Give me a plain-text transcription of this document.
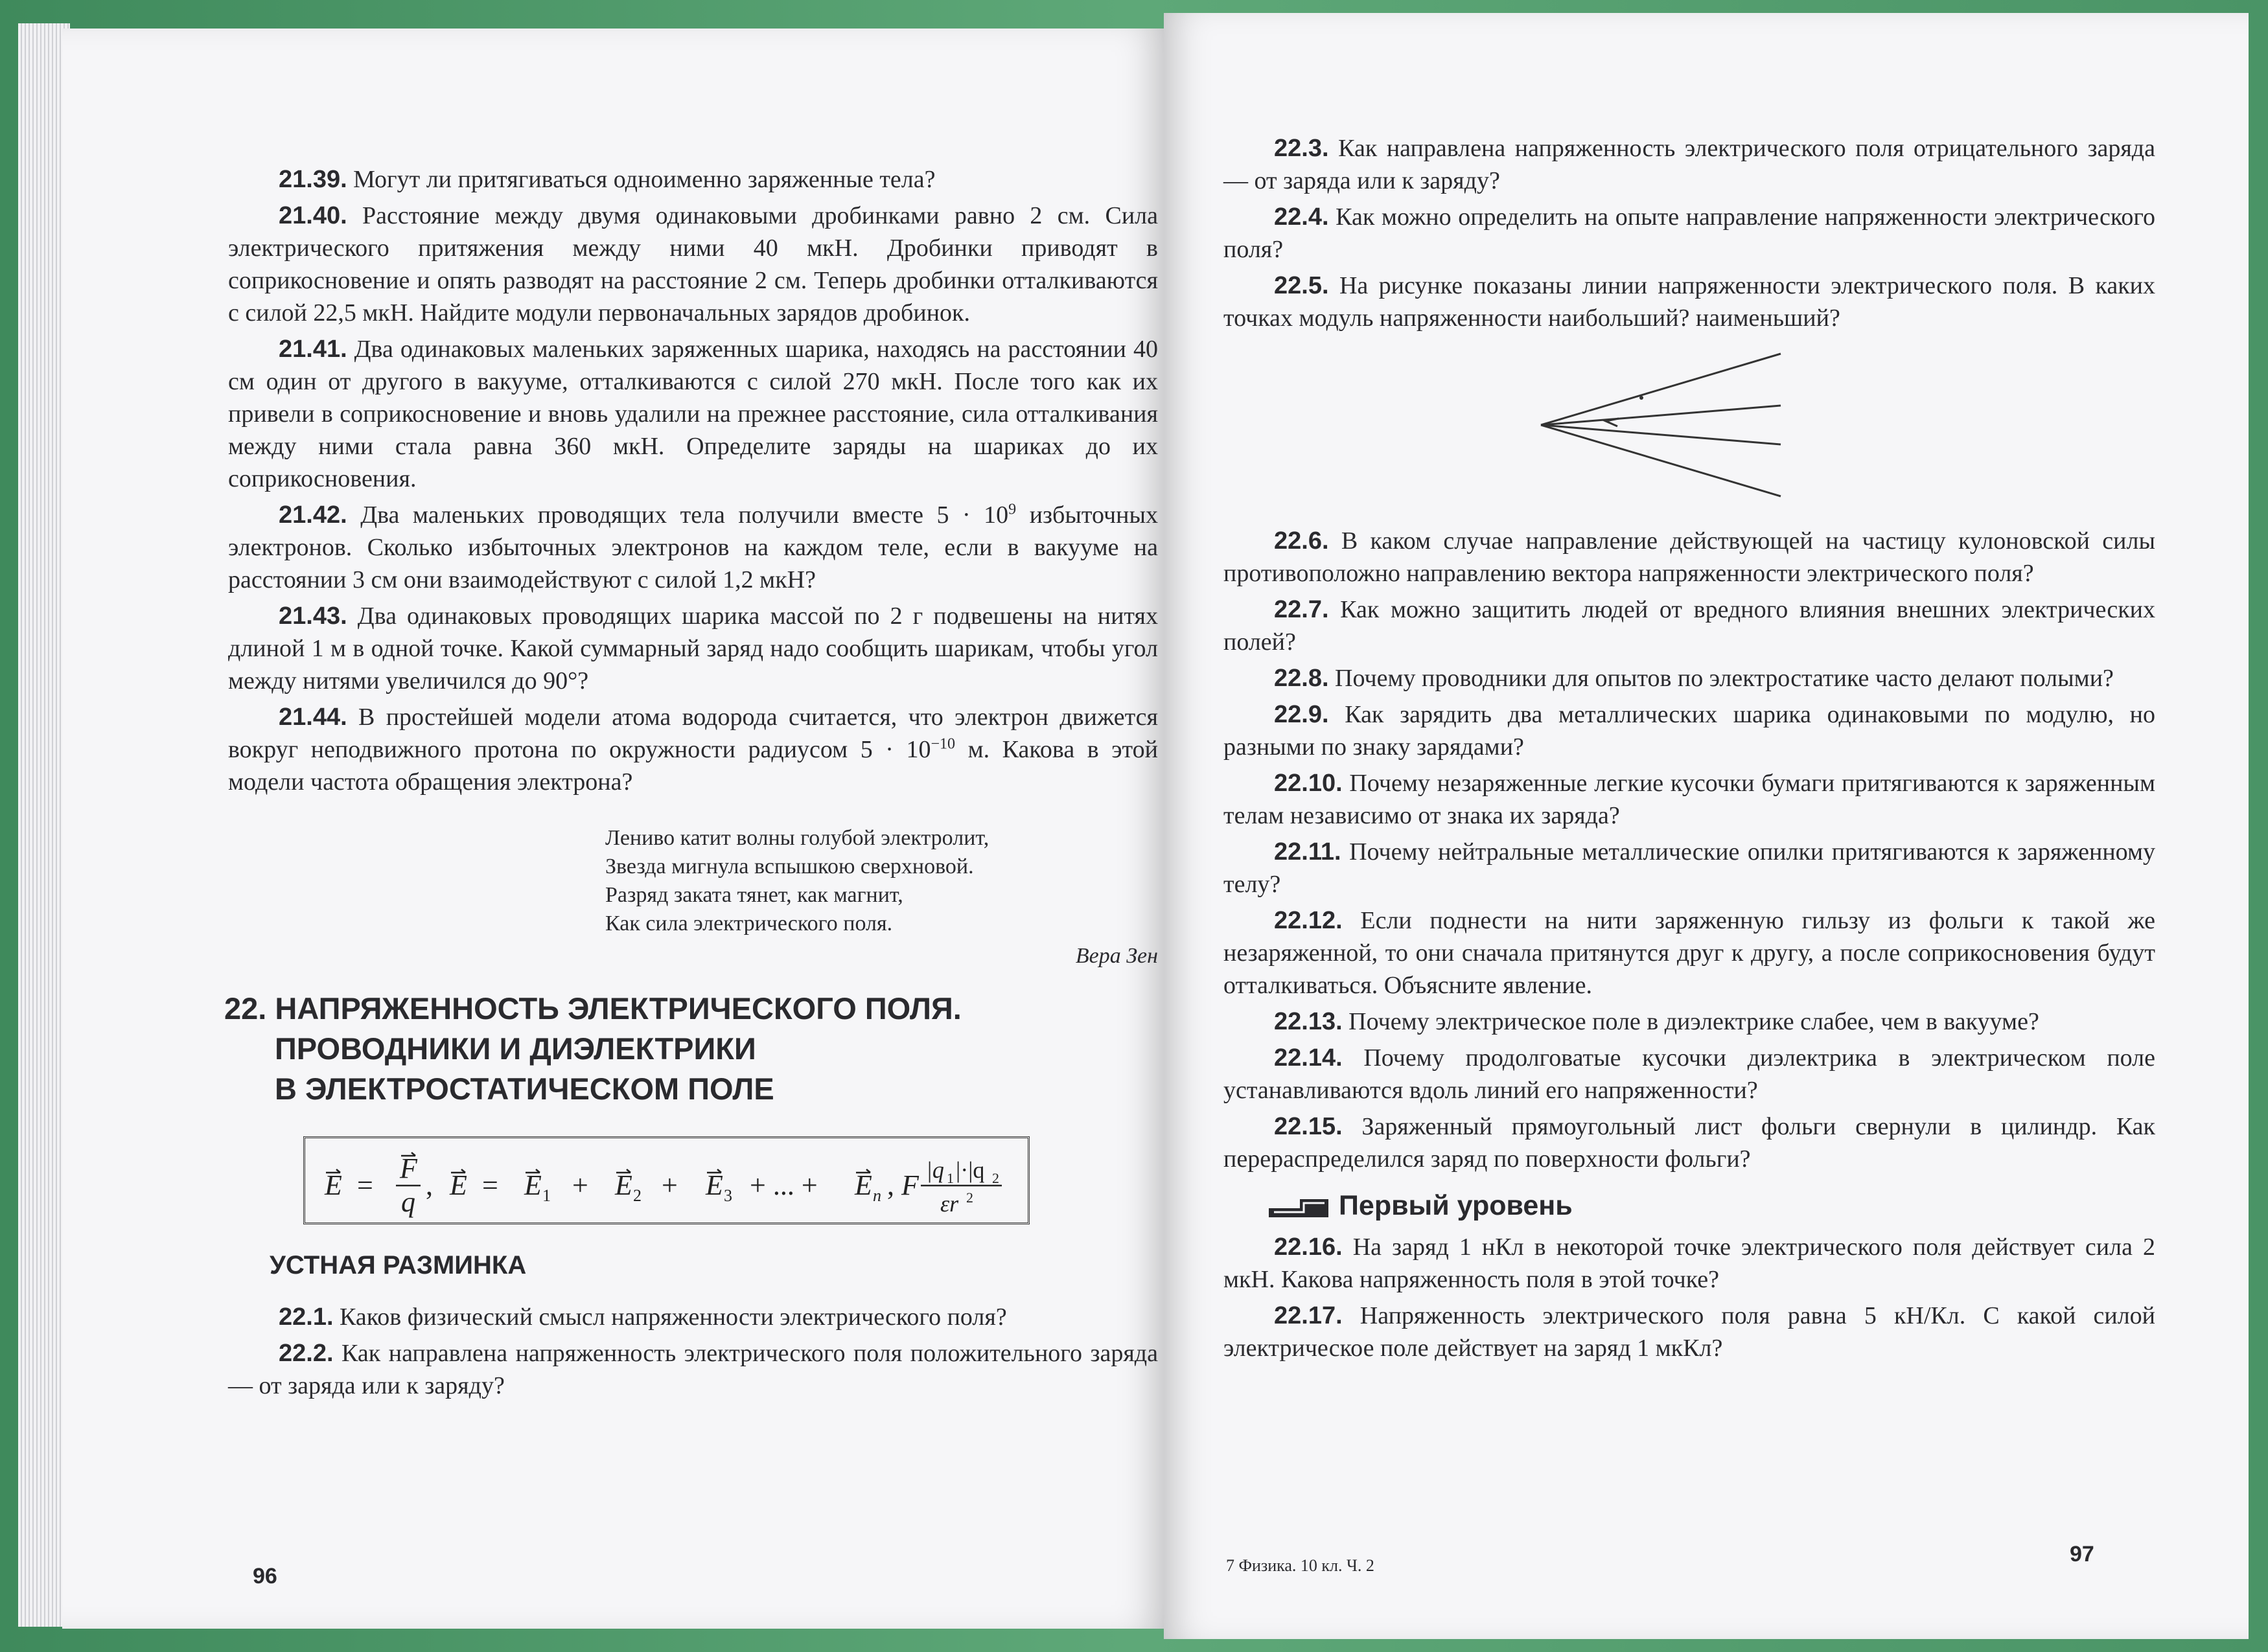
21.39. Могут ли притягиваться одноименно заряженные тела?

21.40. Расстояние между двумя одинаковыми дробинками равно 2 см. Сила электрического притяжения между ними 40 мкН. Дробинки приводят в соприкосновение и опять разводят на расстояние 2 см. Теперь дробинки отталкиваются с силой 22,5 мкН. Найдите модули первоначальных зарядов дробинок.

21.41. Два одинаковых маленьких заряженных шарика, находясь на расстоянии 40 см один от другого в вакууме, отталкиваются с силой 270 мкН. После того как их привели в соприкосновение и вновь удалили на прежнее расстояние, сила отталкивания между ними стала равна 360 мкН. Определите заряды на шариках до их соприкосновения.

21.42. Два маленьких проводящих тела получили вместе $5 \cdot 10^9$ избыточных электронов. Сколько избыточных электронов на каждом теле, если в вакууме на расстоянии 3 см они взаимодействуют с силой 1,2 мкН?

21.43. Два одинаковых проводящих шарика массой по 2 г подвешены на нитях длиной 1 м в одной точке. Какой суммарный заряд надо сообщить шарикам, чтобы угол между нитями увеличился до 90°?

21.44. В простейшей модели атома водорода считается, что электрон движется вокруг неподвижного протона по окружности радиусом $5 \cdot 10^{-10}$ м. Какова в этой модели частота обращения электрона?

Лениво катит волны голубой электролит,
Звезда мигнула вспышкою сверхновой.
Разряд заката тянет, как магнит,
Как сила электрического поля.
Вера Зен
22. НАПРЯЖЕННОСТЬ ЭЛЕКТРИЧЕСКОГО ПОЛЯ.
ПРОВОДНИКИ И ДИЭЛЕКТРИКИ
В ЭЛЕКТРОСТАТИЧЕСКОМ ПОЛЕ
E =
F
q
, E = E 1 + E 2 + E 3 + ... + E n , F |q 1 |·|q 2
εr 2
УСТНАЯ РАЗМИНКА

22.1. Каков физический смысл напряженности электрического поля?

22.2. Как направлена напряженность электрического поля положительного заряда — от заряда или к заряду?

96

22.3. Как направлена напряженность электрического поля отрицательного заряда — от заряда или к заряду?

22.4. Как можно определить на опыте направление напряженности электрического поля?

22.5. На рисунке показаны линии напряженности электрического поля. В каких точках модуль напряженности наибольший? наименьший?

22.6. В каком случае направление действующей на частицу кулоновской силы противоположно направлению вектора напряженности электрического поля?

22.7. Как можно защитить людей от вредного влияния внешних электрических полей?

22.8. Почему проводники для опытов по электростатике часто делают полыми?

22.9. Как зарядить два металлических шарика одинаковыми по модулю, но разными по знаку зарядами?

22.10. Почему незаряженные легкие кусочки бумаги притягиваются к заряженным телам независимо от знака их заряда?

22.11. Почему нейтральные металлические опилки притягиваются к заряженному телу?

22.12. Если поднести на нити заряженную гильзу из фольги к такой же незаряженной, то они сначала притянутся друг к другу, а после соприкосновения будут отталкиваться. Объясните явление.

22.13. Почему электрическое поле в диэлектрике слабее, чем в вакууме?

22.14. Почему продолговатые кусочки диэлектрика в электрическом поле устанавливаются вдоль линий его напряженности?

22.15. Заряженный прямоугольный лист фольги свернули в цилиндр. Как перераспределился заряд по поверхности фольги?

Первый уровень

22.16. На заряд 1 нКл в некоторой точке электрического поля действует сила 2 мкН. Какова напряженность поля в этой точке?

22.17. Напряженность электрического поля равна 5 кН/Кл. С какой силой электрическое поле действует на заряд 1 мкКл?

7 Физика. 10 кл. Ч. 2	97
